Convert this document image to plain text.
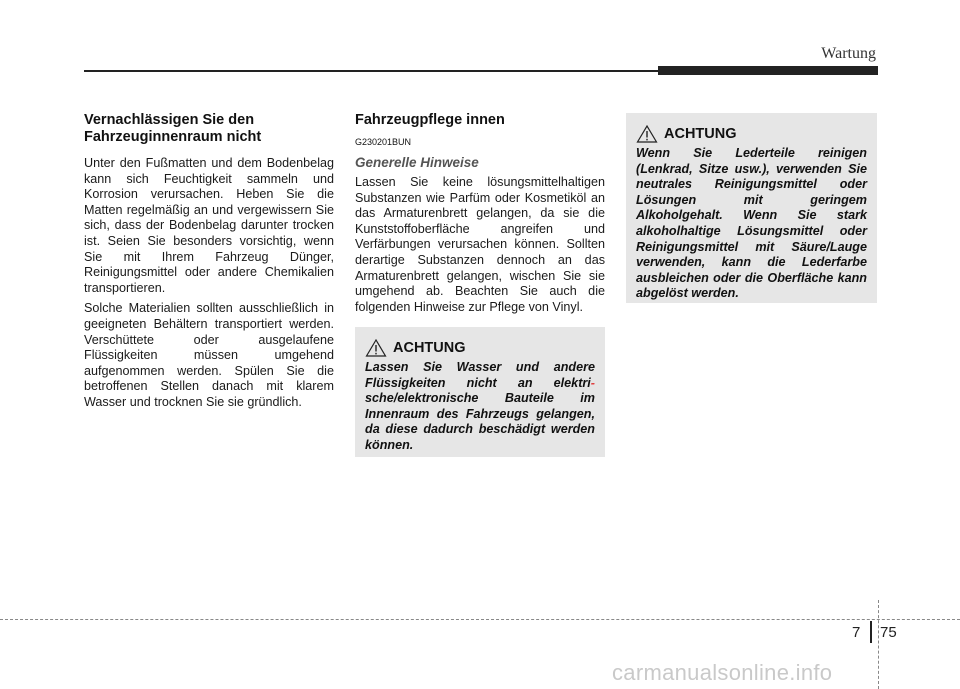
Wartung
Vernachlässigen Sie den Fahrzeuginnenraum nicht

Unter den Fußmatten und dem Bodenbelag kann sich Feuchtigkeit sammeln und Korrosion verursachen. Heben Sie die Matten regelmäßig an und vergewissern Sie sich, dass der Bodenbelag darunter trocken ist. Seien Sie besonders vorsichtig, wenn Sie mit Ihrem Fahrzeug Dünger, Reinigungsmittel oder andere Chemikalien transportieren.

Solche Materialien sollten ausschließlich in geeigneten Behältern transportiert werden. Verschüttete oder ausgelaufene Flüssigkeiten müssen umgehend aufgenommen werden. Spülen Sie die betroffenen Stellen danach mit klarem Wasser und trocknen Sie sie gründlich.

Fahrzeugpflege innen
G230201BUN
Generelle Hinweise

Lassen Sie keine lösungsmittelhaltigen Substanzen wie Parfüm oder Kosmetiköl an das Armaturenbrett gelangen, da sie die Kunststoffoberfläche angreifen und Verfärbungen verursachen können. Sollten derartige Substanzen dennoch an das Armaturenbrett gelangen, wischen Sie sie umgehend ab. Beachten Sie auch die folgenden Hinweise zur Pflege von Vinyl.

ACHTUNG

Lassen Sie Wasser und andere Flüssigkeiten nicht an elektri- sche/elektronische Bauteile im Innenraum des Fahrzeugs gelangen, da diese dadurch beschädigt werden können.

ACHTUNG

Wenn Sie Lederteile reinigen (Lenkrad, Sitze usw.), verwenden Sie neutrales Reinigungsmittel oder Lösungen mit geringem Alkoholgehalt. Wenn Sie stark alkoholhaltige Lösungsmittel oder Reinigungsmittel mit Säure/Lauge verwenden, kann die Lederfarbe ausbleichen oder die Oberfläche kann abgelöst werden.

7 75
carmanualsonline.info
